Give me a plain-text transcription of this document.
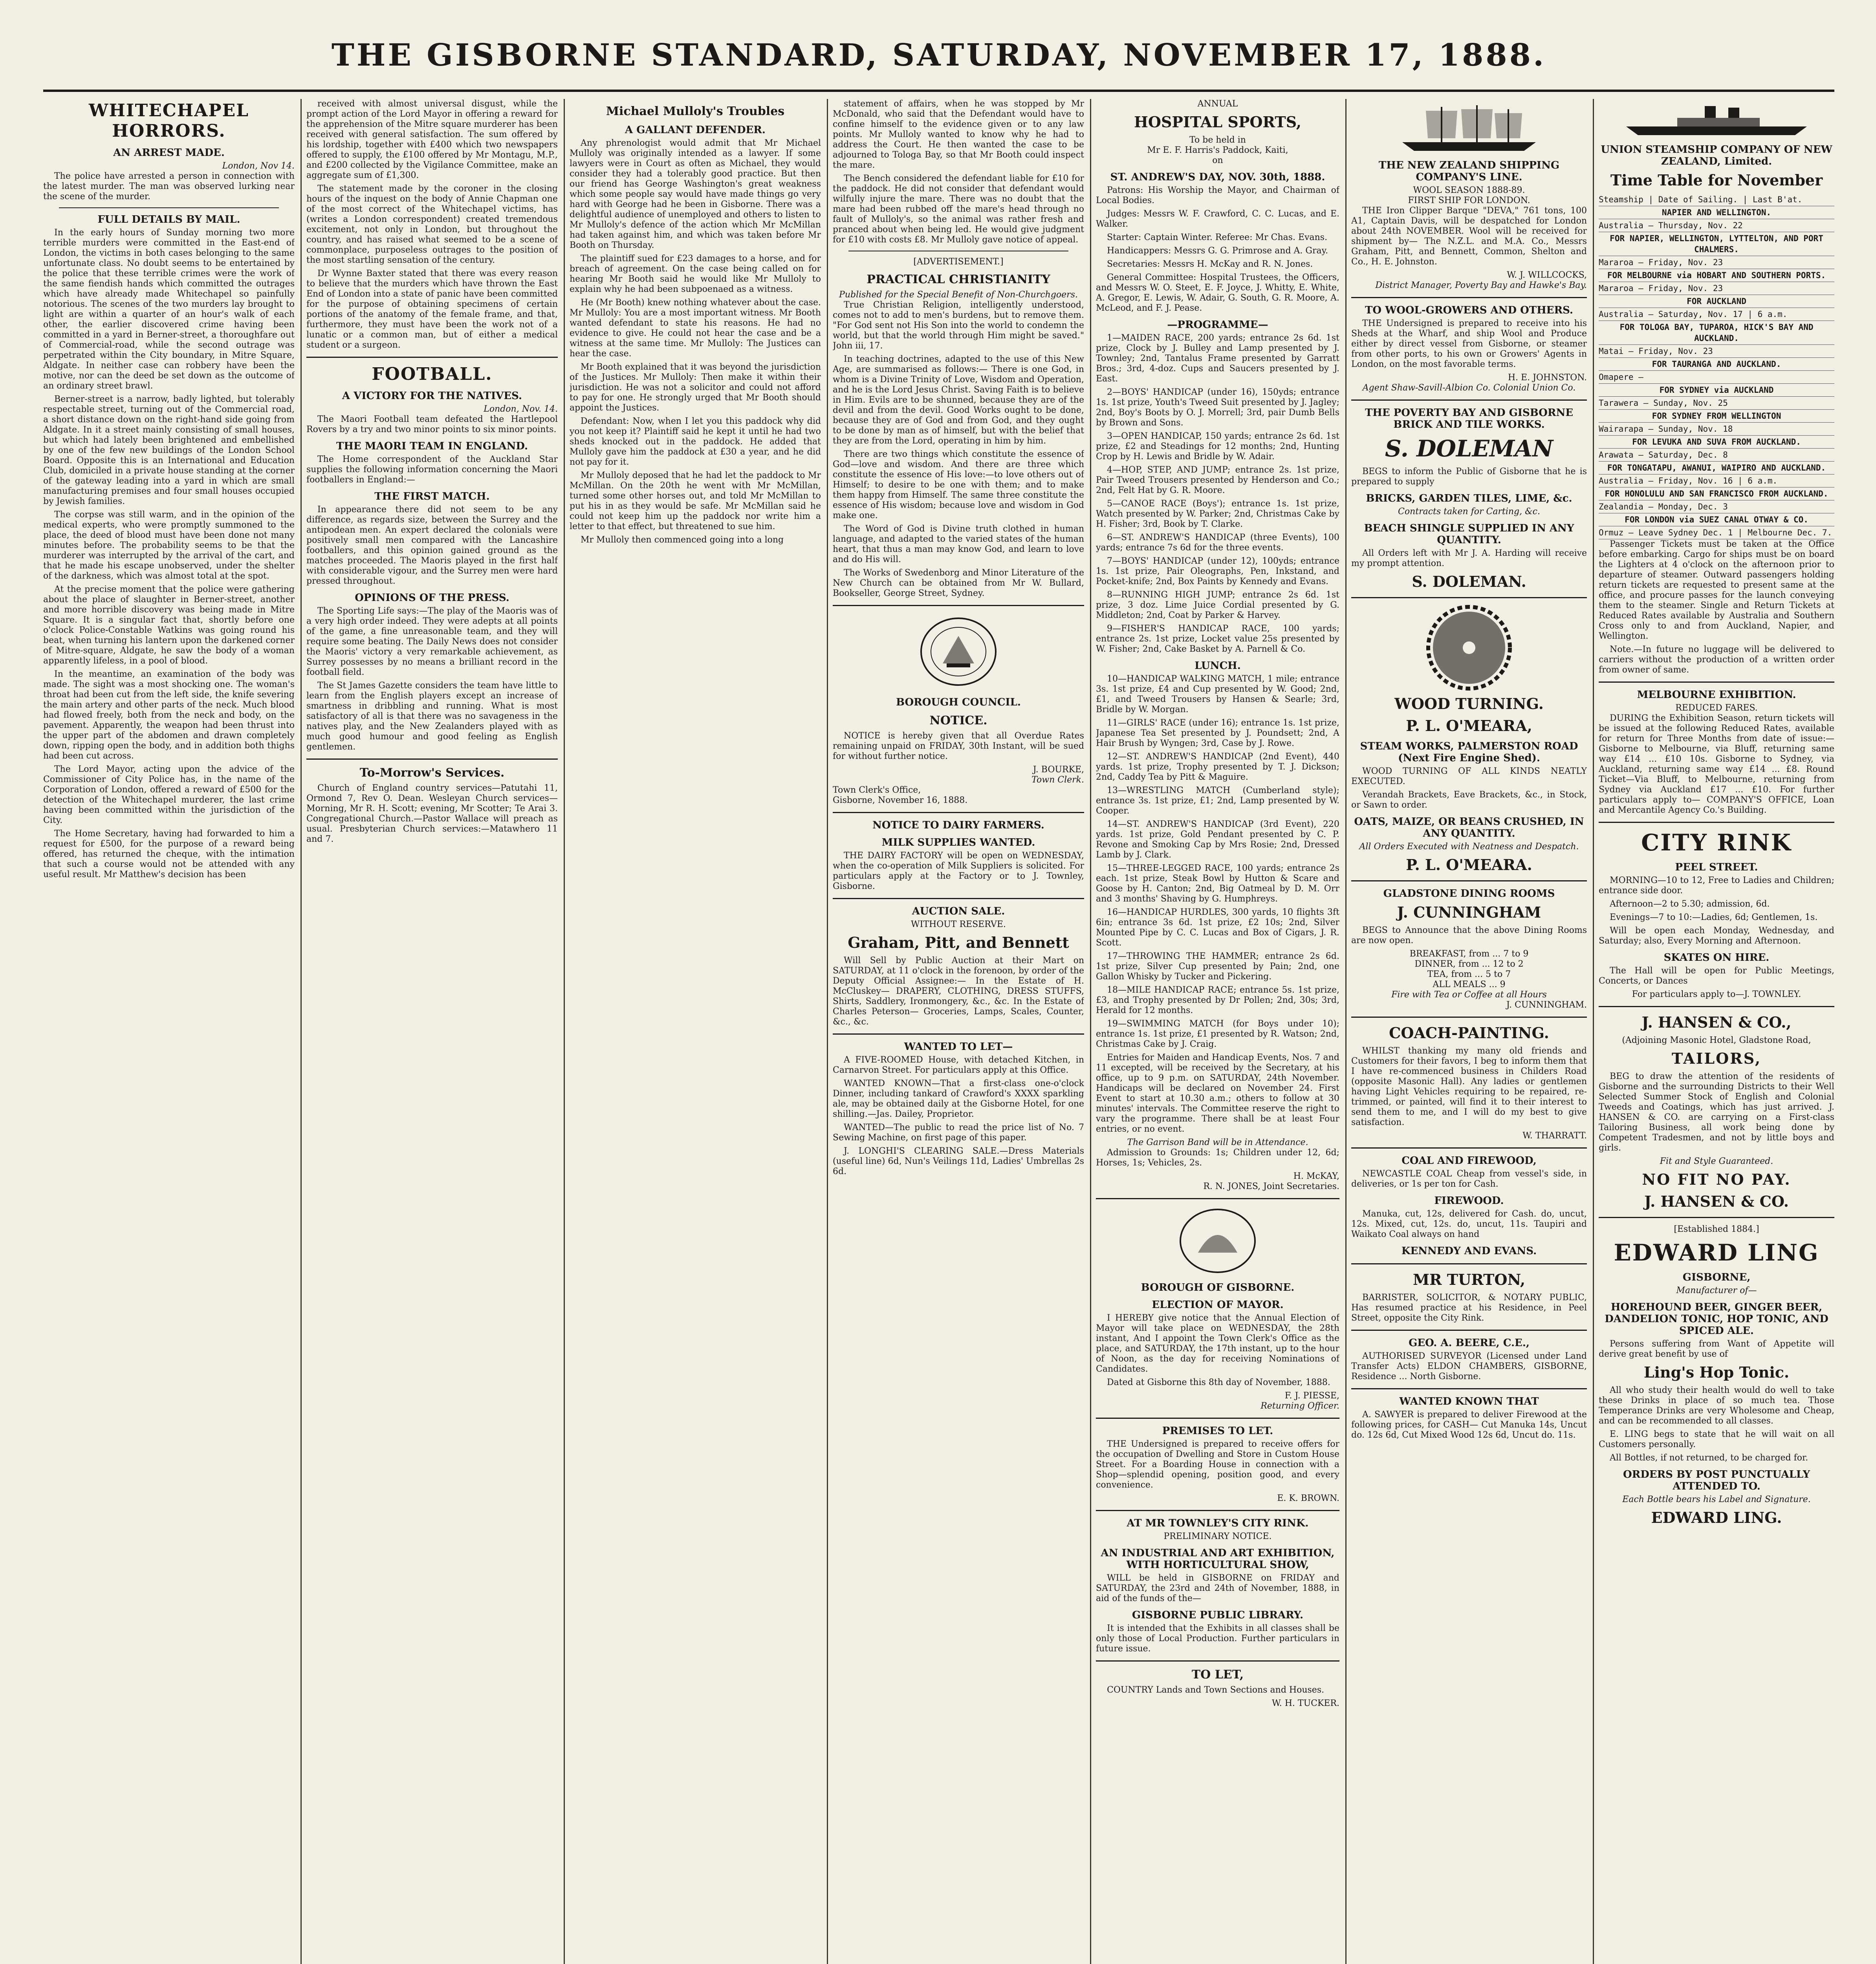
THE GISBORNE STANDARD, SATURDAY, NOVEMBER 17, 1888.
WHITECHAPEL HORRORS.
AN ARREST MADE.
London, Nov 14.

The police have arrested a person in connection with the latest murder. The man was observed lurking near the scene of the murder.

FULL DETAILS BY MAIL.

In the early hours of Sunday morning two more terrible murders were committed in the East-end of London, the victims in both cases belonging to the same unfortunate class. No doubt seems to be entertained by the police that these terrible crimes were the work of the same fiendish hands which committed the outrages which have already made Whitechapel so painfully notorious. The scenes of the two murders lay brought to light are within a quarter of an hour's walk of each other, the earlier discovered crime having been committed in a yard in Berner-street, a thoroughfare out of Commercial-road, while the second outrage was perpetrated within the City boundary, in Mitre Square, Aldgate. In neither case can robbery have been the motive, nor can the deed be set down as the outcome of an ordinary street brawl.

Berner-street is a narrow, badly lighted, but tolerably respectable street, turning out of the Commercial road, a short distance down on the right-hand side going from Aldgate. In it a street mainly consisting of small houses, but which had lately been brightened and embellished by one of the few new buildings of the London School Board. Opposite this is an International and Education Club, domiciled in a private house standing at the corner of the gateway leading into a yard in which are small manufacturing premises and four small houses occupied by Jewish families.

The corpse was still warm, and in the opinion of the medical experts, who were promptly summoned to the place, the deed of blood must have been done not many minutes before. The probability seems to be that the murderer was interrupted by the arrival of the cart, and that he made his escape unobserved, under the shelter of the darkness, which was almost total at the spot.

At the precise moment that the police were gathering about the place of slaughter in Berner-street, another and more horrible discovery was being made in Mitre Square. It is a singular fact that, shortly before one o'clock Police-Constable Watkins was going round his beat, when turning his lantern upon the darkened corner of Mitre-square, Aldgate, he saw the body of a woman apparently lifeless, in a pool of blood.

In the meantime, an examination of the body was made. The sight was a most shocking one. The woman's throat had been cut from the left side, the knife severing the main artery and other parts of the neck. Much blood had flowed freely, both from the neck and body, on the pavement. Apparently, the weapon had been thrust into the upper part of the abdomen and drawn completely down, ripping open the body, and in addition both thighs had been cut across.

The Lord Mayor, acting upon the advice of the Commissioner of City Police has, in the name of the Corporation of London, offered a reward of £500 for the detection of the Whitechapel murderer, the last crime having been committed within the jurisdiction of the City.

The Home Secretary, having had forwarded to him a request for £500, for the purpose of a reward being offered, has returned the cheque, with the intimation that such a course would not be attended with any useful result. Mr Matthew's decision has been

received with almost universal disgust, while the prompt action of the Lord Mayor in offering a reward for the apprehension of the Mitre square murderer has been received with general satisfaction. The sum offered by his lordship, together with £400 which two newspapers offered to supply, the £100 offered by Mr Montagu, M.P., and £200 collected by the Vigilance Committee, make an aggregate sum of £1,300.

The statement made by the coroner in the closing hours of the inquest on the body of Annie Chapman one of the most correct of the Whitechapel victims, has (writes a London correspondent) created tremendous excitement, not only in London, but throughout the country, and has raised what seemed to be a scene of commonplace, purposeless outrages to the position of the most startling sensation of the century.

Dr Wynne Baxter stated that there was every reason to believe that the murders which have thrown the East End of London into a state of panic have been committed for the purpose of obtaining specimens of certain portions of the anatomy of the female frame, and that, furthermore, they must have been the work not of a lunatic or a common man, but of either a medical student or a surgeon.

FOOTBALL.
A VICTORY FOR THE NATIVES.
London, Nov. 14.

The Maori Football team defeated the Hartlepool Rovers by a try and two minor points to six minor points.

THE MAORI TEAM IN ENGLAND.

The Home correspondent of the Auckland Star supplies the following information concerning the Maori footballers in England:—

THE FIRST MATCH.

In appearance there did not seem to be any difference, as regards size, between the Surrey and the antipodean men. An expert declared the colonials were positively small men compared with the Lancashire footballers, and this opinion gained ground as the matches proceeded. The Maoris played in the first half with considerable vigour, and the Surrey men were hard pressed throughout.

OPINIONS OF THE PRESS.

The Sporting Life says:—The play of the Maoris was of a very high order indeed. They were adepts at all points of the game, a fine unreasonable team, and they will require some beating. The Daily News does not consider the Maoris' victory a very remarkable achievement, as Surrey possesses by no means a brilliant record in the football field.

The St James Gazette considers the team have little to learn from the English players except an increase of smartness in dribbling and running. What is most satisfactory of all is that there was no savageness in the natives play, and the New Zealanders played with as much good humour and good feeling as English gentlemen.

To-Morrow's Services.

Church of England country services—Patutahi 11, Ormond 7, Rev O. Dean. Wesleyan Church services—Morning, Mr R. H. Scott; evening, Mr Scotter; Te Arai 3. Congregational Church.—Pastor Wallace will preach as usual. Presbyterian Church services:—Matawhero 11 and 7.

Michael Mulloly's Troubles
A GALLANT DEFENDER.

Any phrenologist would admit that Mr Michael Mulloly was originally intended as a lawyer. If some lawyers were in Court as often as Michael, they would consider they had a tolerably good practice. But then our friend has George Washington's great weakness which some people say would have made things go very hard with George had he been in Gisborne. There was a delightful audience of unemployed and others to listen to Mr Mulloly's defence of the action which Mr McMillan had taken against him, and which was taken before Mr Booth on Thursday.

The plaintiff sued for £23 damages to a horse, and for breach of agreement. On the case being called on for hearing Mr Booth said he would like Mr Mulloly to explain why he had been subpoenaed as a witness.

He (Mr Booth) knew nothing whatever about the case. Mr Mulloly: You are a most important witness. Mr Booth wanted defendant to state his reasons. He had no evidence to give. He could not hear the case and be a witness at the same time. Mr Mulloly: The Justices can hear the case.

Mr Booth explained that it was beyond the jurisdiction of the Justices. Mr Mulloly: Then make it within their jurisdiction. He was not a solicitor and could not afford to pay for one. He strongly urged that Mr Booth should appoint the Justices.

Defendant: Now, when I let you this paddock why did you not keep it? Plaintiff said he kept it until he had two sheds knocked out in the paddock. He added that Mulloly gave him the paddock at £30 a year, and he did not pay for it.

Mr Mulloly deposed that he had let the paddock to Mr McMillan. On the 20th he went with Mr McMillan, turned some other horses out, and told Mr McMillan to put his in as they would be safe. Mr McMillan said he could not keep him up the paddock nor write him a letter to that effect, but threatened to sue him.

Mr Mulloly then commenced going into a long

statement of affairs, when he was stopped by Mr McDonald, who said that the Defendant would have to confine himself to the evidence given or to any law points. Mr Mulloly wanted to know why he had to address the Court. He then wanted the case to be adjourned to Tologa Bay, so that Mr Booth could inspect the mare.

The Bench considered the defendant liable for £10 for the paddock. He did not consider that defendant would wilfully injure the mare. There was no doubt that the mare had been rubbed off the mare's head through no fault of Mulloly's, so the animal was rather fresh and pranced about when being led. He would give judgment for £10 with costs £8. Mr Mulloly gave notice of appeal.

[ADVERTISEMENT.]
PRACTICAL CHRISTIANITY
Published for the Special Benefit of Non-Churchgoers.

True Christian Religion, intelligently understood, comes not to add to men's burdens, but to remove them. "For God sent not His Son into the world to condemn the world, but that the world through Him might be saved." John iii, 17.

In teaching doctrines, adapted to the use of this New Age, are summarised as follows:— There is one God, in whom is a Divine Trinity of Love, Wisdom and Operation, and he is the Lord Jesus Christ. Saving Faith is to believe in Him. Evils are to be shunned, because they are of the devil and from the devil. Good Works ought to be done, because they are of God and from God, and they ought to be done by man as of himself, but with the belief that they are from the Lord, operating in him by him.

There are two things which constitute the essence of God—love and wisdom. And there are three which constitute the essence of His love:—to love others out of Himself; to desire to be one with them; and to make them happy from Himself. The same three constitute the essence of His wisdom; because love and wisdom in God make one.

The Word of God is Divine truth clothed in human language, and adapted to the varied states of the human heart, that thus a man may know God, and learn to love and do His will.

The Works of Swedenborg and Minor Literature of the New Church can be obtained from Mr W. Bullard, Bookseller, George Street, Sydney.

BOROUGH COUNCIL.
NOTICE.

NOTICE is hereby given that all Overdue Rates remaining unpaid on FRIDAY, 30th Instant, will be sued for without further notice.

J. BOURKE,
Town Clerk.
Town Clerk's Office,
Gisborne, November 16, 1888.
NOTICE TO DAIRY FARMERS.
MILK SUPPLIES WANTED.

THE DAIRY FACTORY will be open on WEDNESDAY, when the co-operation of Milk Suppliers is solicited. For particulars apply at the Factory or to J. Townley, Gisborne.

AUCTION SALE.
WITHOUT RESERVE.
Graham, Pitt, and Bennett

Will Sell by Public Auction at their Mart on SATURDAY, at 11 o'clock in the forenoon, by order of the Deputy Official Assignee:— In the Estate of H. McCluskey— DRAPERY, CLOTHING, DRESS STUFFS, Shirts, Saddlery, Ironmongery, &c., &c. In the Estate of Charles Peterson— Groceries, Lamps, Scales, Counter, &c., &c.

WANTED TO LET—

A FIVE-ROOMED House, with detached Kitchen, in Carnarvon Street. For particulars apply at this Office.

WANTED KNOWN—That a first-class one-o'clock Dinner, including tankard of Crawford's XXXX sparkling ale, may be obtained daily at the Gisborne Hotel, for one shilling.—Jas. Dailey, Proprietor.

WANTED—The public to read the price list of No. 7 Sewing Machine, on first page of this paper.

J. LONGHI'S CLEARING SALE.—Dress Materials (useful line) 6d, Nun's Veilings 11d, Ladies' Umbrellas 2s 6d.

ANNUAL
HOSPITAL SPORTS,
To be held in
Mr E. F. Harris's Paddock, Kaiti,
on
ST. ANDREW'S DAY, NOV. 30th, 1888.

Patrons: His Worship the Mayor, and Chairman of Local Bodies.

Judges: Messrs W. F. Crawford, C. C. Lucas, and E. Walker.

Starter: Captain Winter. Referee: Mr Chas. Evans.

Handicappers: Messrs G. G. Primrose and A. Gray.

Secretaries: Messrs H. McKay and R. N. Jones.

General Committee: Hospital Trustees, the Officers, and Messrs W. O. Steet, E. F. Joyce, J. Whitty, E. White, A. Gregor, E. Lewis, W. Adair, G. South, G. R. Moore, A. McLeod, and F. J. Pease.

—PROGRAMME—

1—MAIDEN RACE, 200 yards; entrance 2s 6d. 1st prize, Clock by J. Bulley and Lamp presented by J. Townley; 2nd, Tantalus Frame presented by Garratt Bros.; 3rd, 4-doz. Cups and Saucers presented by J. East.

2—BOYS' HANDICAP (under 16), 150yds; entrance 1s. 1st prize, Youth's Tweed Suit presented by J. Jagley; 2nd, Boy's Boots by O. J. Morrell; 3rd, pair Dumb Bells by Brown and Sons.

3—OPEN HANDICAP, 150 yards; entrance 2s 6d. 1st prize, £2 and Steadings for 12 months; 2nd, Hunting Crop by H. Lewis and Bridle by W. Adair.

4—HOP, STEP, AND JUMP; entrance 2s. 1st prize, Pair Tweed Trousers presented by Henderson and Co.; 2nd, Felt Hat by G. R. Moore.

5—CANOE RACE (Boys'); entrance 1s. 1st prize, Watch presented by W. Parker; 2nd, Christmas Cake by H. Fisher; 3rd, Book by T. Clarke.

6—ST. ANDREW'S HANDICAP (three Events), 100 yards; entrance 7s 6d for the three events.

7—BOYS' HANDICAP (under 12), 100yds; entrance 1s. 1st prize, Pair Oleographs, Pen, Inkstand, and Pocket-knife; 2nd, Box Paints by Kennedy and Evans.

8—RUNNING HIGH JUMP; entrance 2s 6d. 1st prize, 3 doz. Lime Juice Cordial presented by G. Middleton; 2nd, Coat by Parker & Harvey.

9—FISHER'S HANDICAP RACE, 100 yards; entrance 2s. 1st prize, Locket value 25s presented by W. Fisher; 2nd, Cake Basket by A. Parnell & Co.

LUNCH.

10—HANDICAP WALKING MATCH, 1 mile; entrance 3s. 1st prize, £4 and Cup presented by W. Good; 2nd, £1, and Tweed Trousers by Hansen & Searle; 3rd, Bridle by W. Morgan.

11—GIRLS' RACE (under 16); entrance 1s. 1st prize, Japanese Tea Set presented by J. Poundsett; 2nd, A Hair Brush by Wyngen; 3rd, Case by J. Rowe.

12—ST. ANDREW'S HANDICAP (2nd Event), 440 yards. 1st prize, Trophy presented by T. J. Dickson; 2nd, Caddy Tea by Pitt & Maguire.

13—WRESTLING MATCH (Cumberland style); entrance 3s. 1st prize, £1; 2nd, Lamp presented by W. Cooper.

14—ST. ANDREW'S HANDICAP (3rd Event), 220 yards. 1st prize, Gold Pendant presented by C. P. Revone and Smoking Cap by Mrs Rosie; 2nd, Dressed Lamb by J. Clark.

15—THREE-LEGGED RACE, 100 yards; entrance 2s each. 1st prize, Steak Bowl by Hutton & Scare and Goose by H. Canton; 2nd, Big Oatmeal by D. M. Orr and 3 months' Shaving by G. Humphreys.

16—HANDICAP HURDLES, 300 yards, 10 flights 3ft 6in; entrance 3s 6d. 1st prize, £2 10s; 2nd, Silver Mounted Pipe by C. C. Lucas and Box of Cigars, J. R. Scott.

17—THROWING THE HAMMER; entrance 2s 6d. 1st prize, Silver Cup presented by Pain; 2nd, one Gallon Whisky by Tucker and Pickering.

18—MILE HANDICAP RACE; entrance 5s. 1st prize, £3, and Trophy presented by Dr Pollen; 2nd, 30s; 3rd, Herald for 12 months.

19—SWIMMING MATCH (for Boys under 10); entrance 1s. 1st prize, £1 presented by R. Watson; 2nd, Christmas Cake by J. Craig.

Entries for Maiden and Handicap Events, Nos. 7 and 11 excepted, will be received by the Secretary, at his office, up to 9 p.m. on SATURDAY, 24th November. Handicaps will be declared on November 24. First Event to start at 10.30 a.m.; others to follow at 30 minutes' intervals. The Committee reserve the right to vary the programme. There shall be at least Four entries, or no event.

The Garrison Band will be in Attendance.

Admission to Grounds: 1s; Children under 12, 6d; Horses, 1s; Vehicles, 2s.

H. McKAY,
R. N. JONES, Joint Secretaries.
BOROUGH OF GISBORNE.
ELECTION OF MAYOR.

I HEREBY give notice that the Annual Election of Mayor will take place on WEDNESDAY, the 28th instant, And I appoint the Town Clerk's Office as the place, and SATURDAY, the 17th instant, up to the hour of Noon, as the day for receiving Nominations of Candidates.

Dated at Gisborne this 8th day of November, 1888.

F. J. PIESSE,
Returning Officer.
PREMISES TO LET.

THE Undersigned is prepared to receive offers for the occupation of Dwelling and Store in Custom House Street. For a Boarding House in connection with a Shop—splendid opening, position good, and every convenience.

E. K. BROWN.
AT MR TOWNLEY'S CITY RINK.
PRELIMINARY NOTICE.
AN INDUSTRIAL AND ART EXHIBITION, WITH HORTICULTURAL SHOW,

WILL be held in GISBORNE on FRIDAY and SATURDAY, the 23rd and 24th of November, 1888, in aid of the funds of the—

GISBORNE PUBLIC LIBRARY.

It is intended that the Exhibits in all classes shall be only those of Local Production. Further particulars in future issue.

TO LET,

COUNTRY Lands and Town Sections and Houses.

W. H. TUCKER.
THE NEW ZEALAND SHIPPING COMPANY'S LINE.
WOOL SEASON 1888-89.
FIRST SHIP FOR LONDON.

THE Iron Clipper Barque "DEVA," 761 tons, 100 A1, Captain Davis, will be despatched for London about 24th NOVEMBER. Wool will be received for shipment by— The N.Z.L. and M.A. Co., Messrs Graham, Pitt, and Bennett, Common, Shelton and Co., H. E. Johnston.

W. J. WILLCOCKS,
District Manager, Poverty Bay and Hawke's Bay.
TO WOOL-GROWERS AND OTHERS.

THE Undersigned is prepared to receive into his Sheds at the Wharf, and ship Wool and Produce either by direct vessel from Gisborne, or steamer from other ports, to his own or Growers' Agents in London, on the most favorable terms.

H. E. JOHNSTON.
Agent Shaw-Savill-Albion Co. Colonial Union Co.
THE POVERTY BAY AND GISBORNE BRICK AND TILE WORKS.
S. DOLEMAN

BEGS to inform the Public of Gisborne that he is prepared to supply

BRICKS, GARDEN TILES, LIME, &c.
Contracts taken for Carting, &c.
BEACH SHINGLE SUPPLIED IN ANY QUANTITY.

All Orders left with Mr J. A. Harding will receive my prompt attention.

S. DOLEMAN.
WOOD TURNING.
P. L. O'MEARA,
STEAM WORKS, PALMERSTON ROAD (Next Fire Engine Shed).

WOOD TURNING OF ALL KINDS NEATLY EXECUTED.

Verandah Brackets, Eave Brackets, &c., in Stock, or Sawn to order.

OATS, MAIZE, OR BEANS CRUSHED, IN ANY QUANTITY.
All Orders Executed with Neatness and Despatch.
P. L. O'MEARA.
GLADSTONE DINING ROOMS
J. CUNNINGHAM

BEGS to Announce that the above Dining Rooms are now open.

BREAKFAST, from ... 7 to 9
DINNER, from ... 12 to 2
TEA, from ... 5 to 7
ALL MEALS ... 9
Fire with Tea or Coffee at all Hours
J. CUNNINGHAM.
COACH-PAINTING.

WHILST thanking my many old friends and Customers for their favors, I beg to inform them that I have re-commenced business in Childers Road (opposite Masonic Hall). Any ladies or gentlemen having Light Vehicles requiring to be repaired, re-trimmed, or painted, will find it to their interest to send them to me, and I will do my best to give satisfaction.

W. THARRATT.
COAL AND FIREWOOD,

NEWCASTLE COAL Cheap from vessel's side, in deliveries, or 1s per ton for Cash.

FIREWOOD.

Manuka, cut, 12s, delivered for Cash. do, uncut, 12s. Mixed, cut, 12s. do, uncut, 11s. Taupiri and Waikato Coal always on hand

KENNEDY AND EVANS.
MR TURTON,

BARRISTER, SOLICITOR, & NOTARY PUBLIC, Has resumed practice at his Residence, in Peel Street, opposite the City Rink.

GEO. A. BEERE, C.E.,

AUTHORISED SURVEYOR (Licensed under Land Transfer Acts) ELDON CHAMBERS, GISBORNE, Residence ... North Gisborne.

WANTED KNOWN THAT

A. SAWYER is prepared to deliver Firewood at the following prices, for CASH— Cut Manuka 14s, Uncut do. 12s 6d, Cut Mixed Wood 12s 6d, Uncut do. 11s.

UNION STEAMSHIP COMPANY OF NEW ZEALAND, Limited.
Time Table for November
Steamship | Date of Sailing. | Last B'at.
NAPIER AND WELLINGTON.
Australia — Thursday, Nov. 22
FOR NAPIER, WELLINGTON, LYTTELTON, AND PORT CHALMERS.
Mararoa — Friday, Nov. 23
FOR MELBOURNE via HOBART AND SOUTHERN PORTS.
Mararoa — Friday, Nov. 23
FOR AUCKLAND
Australia — Saturday, Nov. 17 | 6 a.m.
FOR TOLOGA BAY, TUPAROA, HICK'S BAY AND AUCKLAND.
Matai — Friday, Nov. 23
FOR TAURANGA AND AUCKLAND.
Omapere —
FOR SYDNEY via AUCKLAND
Tarawera — Sunday, Nov. 25
FOR SYDNEY FROM WELLINGTON
Wairarapa — Sunday, Nov. 18
FOR LEVUKA AND SUVA FROM AUCKLAND.
Arawata — Saturday, Dec. 8
FOR TONGATAPU, AWANUI, WAIPIRO AND AUCKLAND.
Australia — Friday, Nov. 16 | 6 a.m.
FOR HONOLULU AND SAN FRANCISCO FROM AUCKLAND.
Zealandia — Monday, Dec. 3
FOR LONDON via SUEZ CANAL OTWAY & CO.
Ormuz — Leave Sydney Dec. 1 | Melbourne Dec. 7.

Passenger Tickets must be taken at the Office before embarking. Cargo for ships must be on board the Lighters at 4 o'clock on the afternoon prior to departure of steamer. Outward passengers holding return tickets are requested to present same at the office, and procure passes for the launch conveying them to the steamer. Single and Return Tickets at Reduced Rates available by Australia and Southern Cross only to and from Auckland, Napier, and Wellington.

Note.—In future no luggage will be delivered to carriers without the production of a written order from owner of same.

MELBOURNE EXHIBITION.
REDUCED FARES.

DURING the Exhibition Season, return tickets will be issued at the following Reduced Rates, available for return for Three Months from date of issue:— Gisborne to Melbourne, via Bluff, returning same way £14 ... £10 10s. Gisborne to Sydney, via Auckland, returning same way £14 ... £8. Round Ticket—Via Bluff, to Melbourne, returning from Sydney via Auckland £17 ... £10. For further particulars apply to— COMPANY'S OFFICE, Loan and Mercantile Agency Co.'s Building.

CITY RINK
PEEL STREET.

MORNING—10 to 12, Free to Ladies and Children; entrance side door.

Afternoon—2 to 5.30; admission, 6d.

Evenings—7 to 10:—Ladies, 6d; Gentlemen, 1s.

Will be open each Monday, Wednesday, and Saturday; also, Every Morning and Afternoon.

SKATES ON HIRE.

The Hall will be open for Public Meetings, Concerts, or Dances

For particulars apply to—J. TOWNLEY.
J. HANSEN & CO.,
(Adjoining Masonic Hotel, Gladstone Road,
TAILORS,

BEG to draw the attention of the residents of Gisborne and the surrounding Districts to their Well Selected Summer Stock of English and Colonial Tweeds and Coatings, which has just arrived. J. HANSEN & CO. are carrying on a First-class Tailoring Business, all work being done by Competent Tradesmen, and not by little boys and girls.

Fit and Style Guaranteed.
NO FIT NO PAY.
J. HANSEN & CO.
[Established 1884.]
EDWARD LING
GISBORNE,
Manufacturer of—
HOREHOUND BEER, GINGER BEER, DANDELION TONIC, HOP TONIC, AND SPICED ALE.

Persons suffering from Want of Appetite will derive great benefit by use of

Ling's Hop Tonic.

All who study their health would do well to take these Drinks in place of so much tea. Those Temperance Drinks are very Wholesome and Cheap, and can be recommended to all classes.

E. LING begs to state that he will wait on all Customers personally.

All Bottles, if not returned, to be charged for.

ORDERS BY POST PUNCTUALLY ATTENDED TO.
Each Bottle bears his Label and Signature.
EDWARD LING.
